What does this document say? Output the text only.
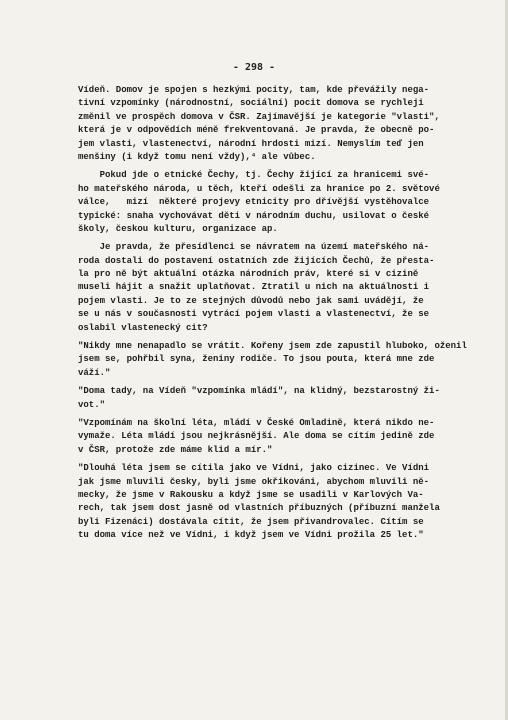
- 298 -
Vídeň. Domov je spojen s hezkými pocity, tam, kde převážily nega-
tivní vzpomínky (národnostní, sociální) pocit domova se rychleji
změnil ve prospěch domova v ČSR. Zajímavější je kategorie "vlasti",
která je v odpovědích méně frekventovaná. Je pravda, že obecně po-
jem vlasti, vlastenectví, národní hrdosti mizí. Nemyslím teď jen
menšiny (i když tomu není vždy),⁴ ale vůbec.
Pokud jde o etnické Čechy, tj. Čechy žijící za hranicemi své-
ho mateřského národa, u těch, kteří odešli za hranice po 2. světové
válce,   mizí  některé projevy etnicity pro dřívější vystěhovalce
typické: snaha vychovávat děti v národním duchu, usilovat o české
školy, českou kulturu, organizace ap.
Je pravda, že přesídlenci se návratem na území mateřského ná-
roda dostali do postavení ostatních zde žijících Čechů, že přesta-
la pro ně být aktuální otázka národních práv, které si v cizině
museli hájit a snažit uplatňovat. Ztratil u nich na aktuálnosti i
pojem vlasti. Je to ze stejných důvodů nebo jak sami uvádějí, že
se u nás v současnosti vytrácí pojem vlasti a vlastenectví, že se
oslabil vlastenecký cit?
"Nikdy mne nenapadlo se vrátit. Kořeny jsem zde zapustil hluboko, oženil
jsem se, pohřbil syna, ženiny rodiče. To jsou pouta, která mne zde
váží."
"Doma tady, na Vídeň "vzpomínka mládí", na klidný, bezstarostný ži-
vot."
"Vzpomínám na školní léta, mládí v České Omladině, která nikdo ne-
vymaže. Léta mládí jsou nejkrásnější. Ale doma se cítím jedině zde
v ČSR, protože zde máme klid a mír."
"Dlouhá léta jsem se cítila jako ve Vídni, jako cizinec. Ve Vídni
jak jsme mluvili česky, byli jsme okřikováni, abychom mluvili ně-
mecky, že jsme v Rakousku a když jsme se usadili v Karlových Va-
rech, tak jsem dost jasně od vlastních příbuzných (příbuzní manžela
byli Fizenáci) dostávala cítit, že jsem přivandrovalec. Cítím se
tu doma více než ve Vídni, i když jsem ve Vídni prožila 25 let."
